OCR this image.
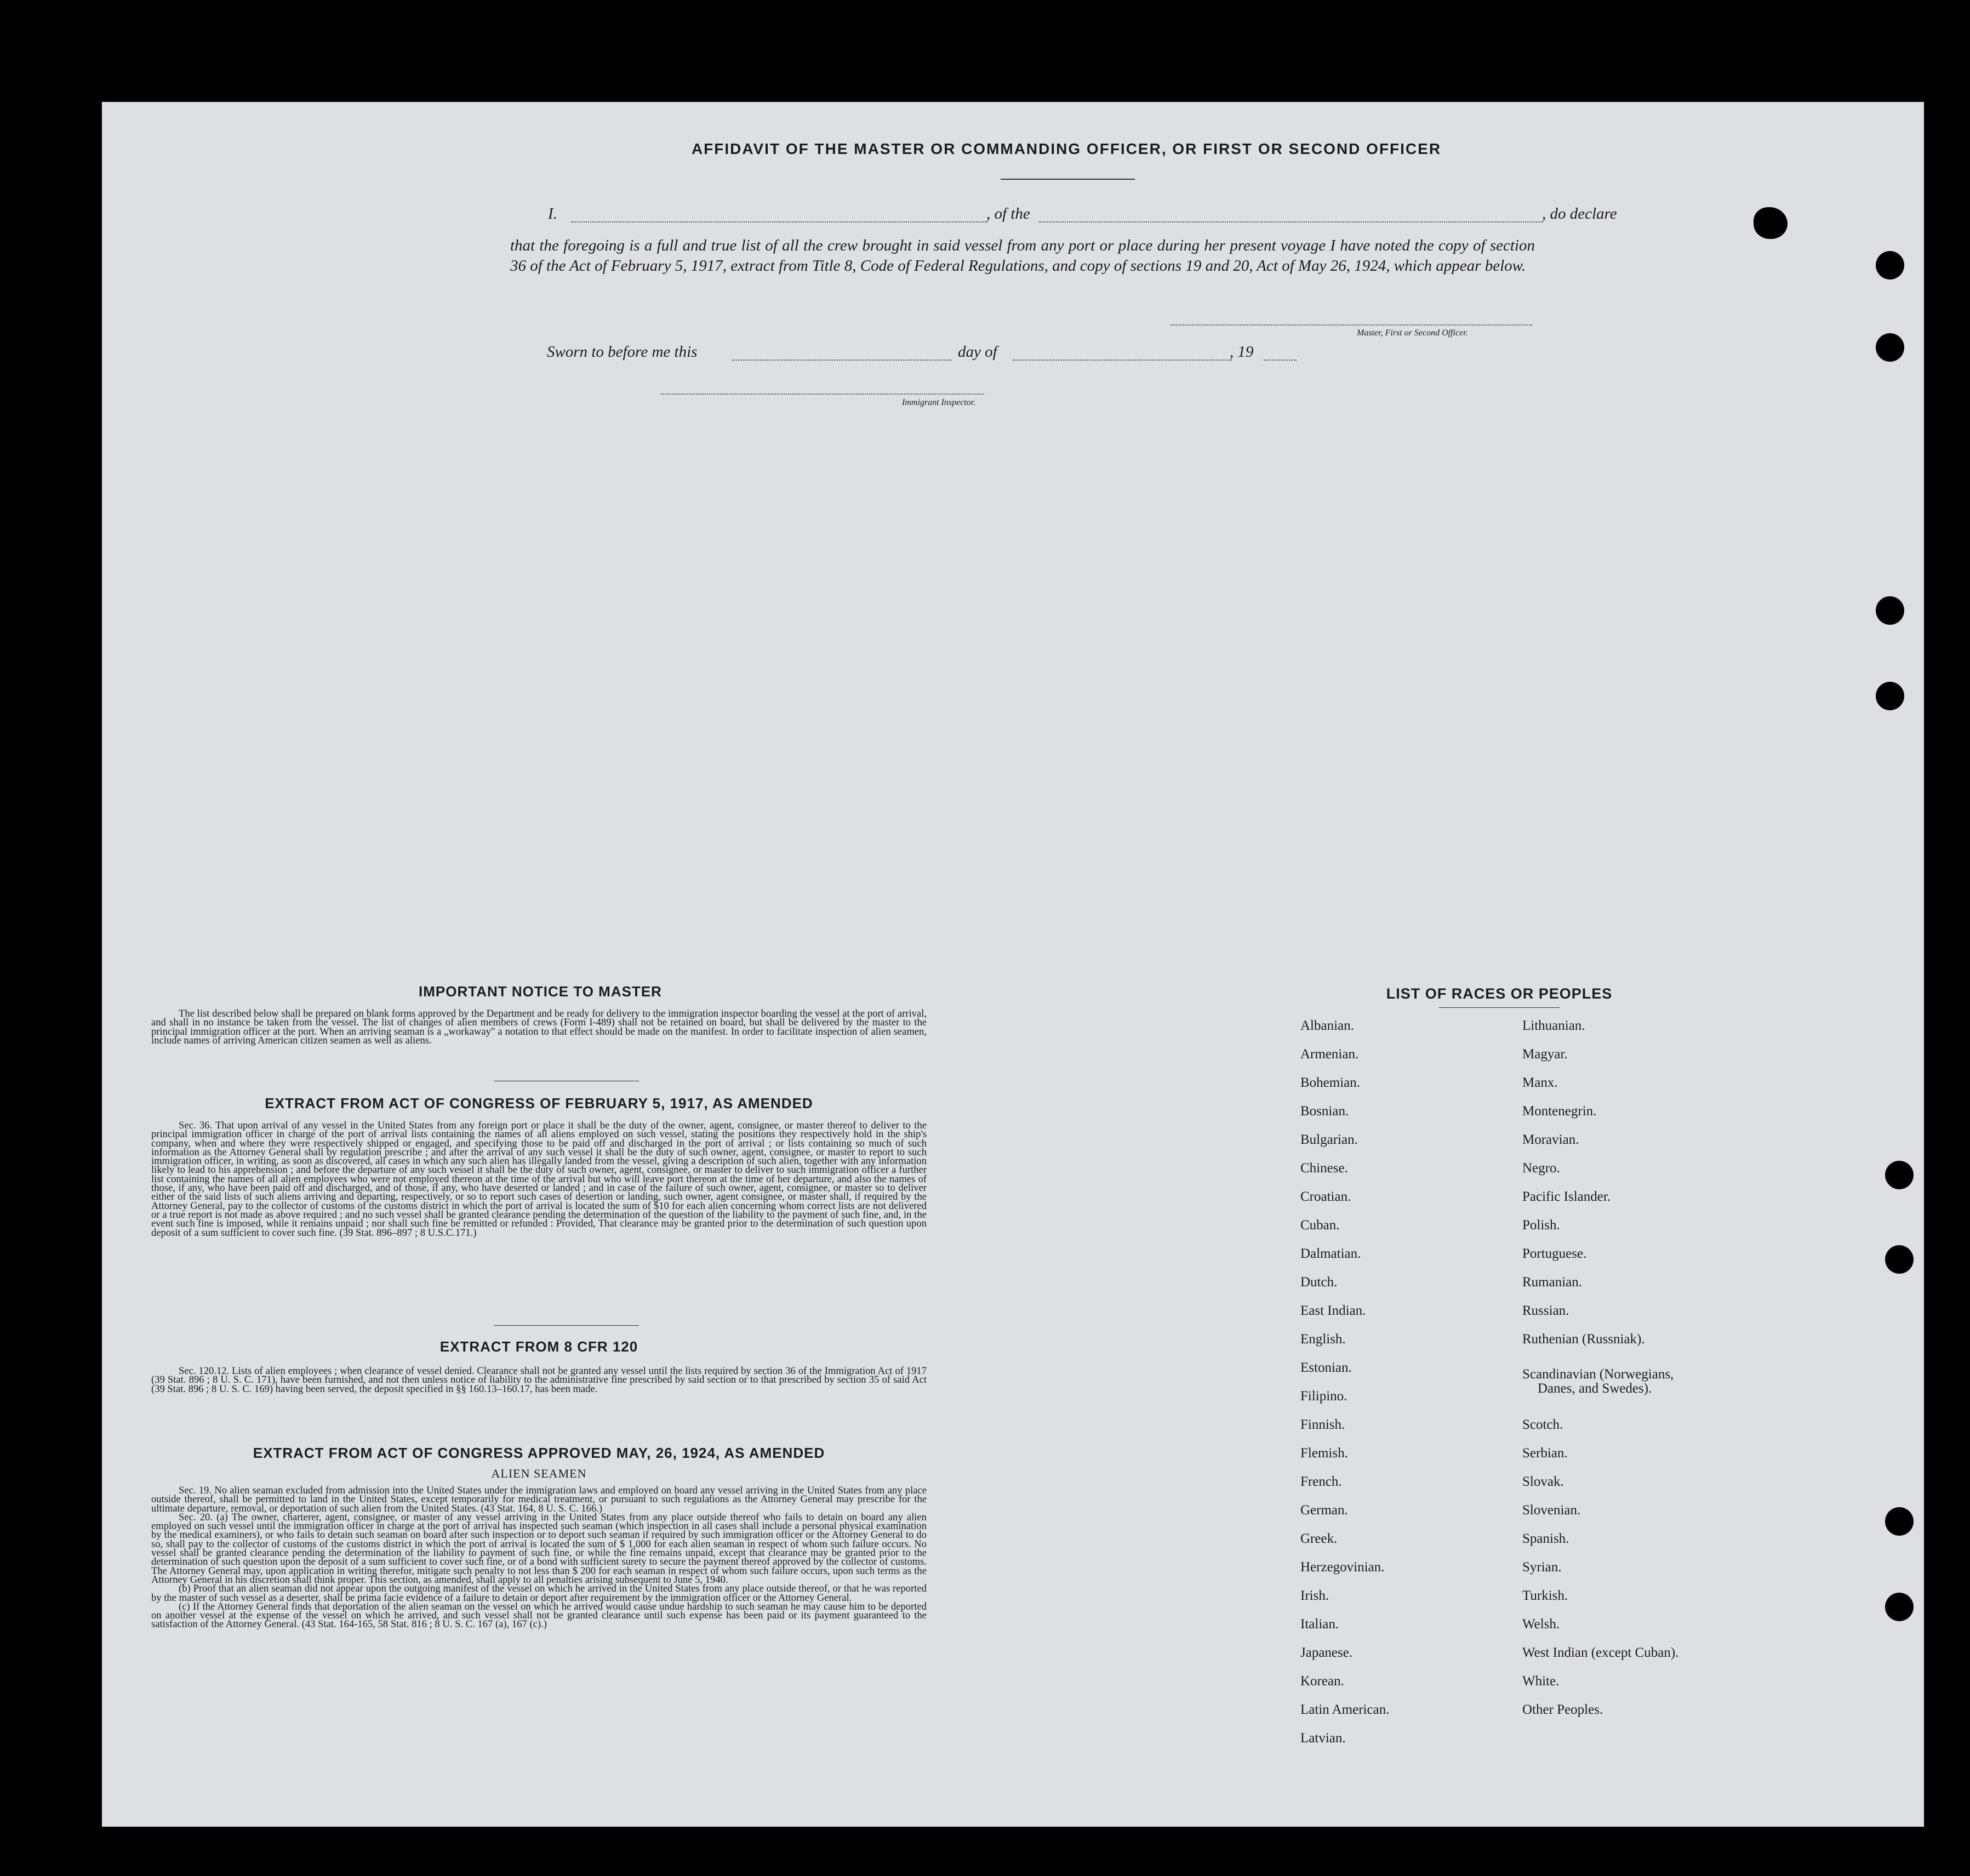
AFFIDAVIT OF THE MASTER OR COMMANDING OFFICER, OR FIRST OR SECOND OFFICER
I.	, of the	, do declare
that the foregoing is a full and true list of all the crew brought in said vessel from any port or place during her present voyage I have noted the copy of section 36 of the Act of February 5, 1917, extract from Title 8, Code of Federal Regulations, and copy of sections 19 and 20, Act of May 26, 1924, which appear below.
Master, First or Second Officer.
Sworn to before me this	day of	, 19
Immigrant Inspector.
IMPORTANT NOTICE TO MASTER

The list described below shall be prepared on blank forms approved by the Department and be ready for delivery to the immigration inspector boarding the vessel at the port of arrival, and shall in no instance be taken from the vessel. The list of changes of alien members of crews (Form I-489) shall not be retained on board, but shall be delivered by the master to the principal immigration officer at the port. When an arriving seaman is a „workaway" a notation to that effect should be made on the manifest. In order to facilitate inspection of alien seamen, include names of arriving American citizen seamen as well as aliens.

EXTRACT FROM ACT OF CONGRESS OF FEBRUARY 5, 1917, AS AMENDED

Sec. 36. That upon arrival of any vessel in the United States from any foreign port or place it shall be the duty of the owner, agent, consignee, or master thereof to deliver to the principal immigration officer in charge of the port of arrival lists containing the names of all aliens employed on such vessel, stating the positions they respectively hold in the ship's company, when and where they were respectively shipped or engaged, and specifying those to be paid off and discharged in the port of arrival ; or lists containing so much of such information as the Attorney General shall by regulation prescribe ; and after the arrival of any such vessel it shall be the duty of such owner, agent, consignee, or master to report to such immigration officer, in writing, as soon as discovered, all cases in which any such alien has illegally landed from the vessel, giving a description of such alien, together with any information likely to lead to his apprehension ; and before the departure of any such vessel it shall be the duty of such owner, agent, consignee, or master to deliver to such immigration officer a further list containing the names of all alien employees who were not employed thereon at the time of the arrival but who will leave port thereon at the time of her departure, and also the names of those, if any, who have been paid off and discharged, and of those, if any, who have deserted or landed ; and in case of the failure of such owner, agent, consignee, or master so to deliver either of the said lists of such aliens arriving and departing, respectively, or so to report such cases of desertion or landing, such owner, agent consignee, or master shall, if required by the Attorney General, pay to the collector of customs of the customs district in which the port of arrival is located the sum of $10 for each alien concerning whom correct lists are not delivered or a true report is not made as above required ; and no such vessel shall be granted clearance pending the determination of the question of the liability to the payment of such fine, and, in the event such fine is imposed, while it remains unpaid ; nor shall such fine be remitted or refunded : Provided, That clearance may be granted prior to the determination of such question upon deposit of a sum sufficient to cover such fine. (39 Stat. 896–897 ; 8 U.S.C.171.)

EXTRACT FROM 8 CFR 120

Sec. 120.12. Lists of alien employees ; when clearance of vessel denied. Clearance shall not be granted any vessel until the lists required by section 36 of the Immigration Act of 1917 (39 Stat. 896 ; 8 U. S. C. 171), have been furnished, and not then unless notice of liability to the administrative fine prescribed by said section or to that prescribed by section 35 of said Act (39 Stat. 896 ; 8 U. S. C. 169) having been served, the deposit specified in §§ 160.13–160.17, has been made.

EXTRACT FROM ACT OF CONGRESS APPROVED MAY, 26, 1924, AS AMENDED
ALIEN SEAMEN

Sec. 19. No alien seaman excluded from admission into the United States under the immigration laws and employed on board any vessel arriving in the United States from any place outside thereof, shall be permitted to land in the United States, except temporarily for medical treatment, or pursuant to such regulations as the Attorney General may prescribe for the ultimate departure, removal, or deportation of such alien from the United States. (43 Stat. 164, 8 U. S. C. 166.)

Sec. 20. (a) The owner, charterer, agent, consignee, or master of any vessel arriving in the United States from any place outside thereof who fails to detain on board any alien employed on such vessel until the immigration officer in charge at the port of arrival has inspected such seaman (which inspection in all cases shall include a personal physical examination by the medical examiners), or who fails to detain such seaman on board after such inspection or to deport such seaman if required by such immigration officer or the Attorney General to do so, shall pay to the collector of customs of the customs district in which the port of arrival is located the sum of $ 1,000 for each alien seaman in respect of whom such failure occurs. No vessel shall be granted clearance pending the determination of the liability to payment of such fine, or while the fine remains unpaid, except that clearance may be granted prior to the determination of such question upon the deposit of a sum sufficient to cover such fine, or of a bond with sufficient surety to secure the payment thereof approved by the collector of customs. The Attorney General may, upon application in writing therefor, mitigate such penalty to not less than $ 200 for each seaman in respect of whom such failure occurs, upon such terms as the Attorney General in his discretion shall think proper. This section, as amended, shall apply to all penalties arising subsequent to June 5, 1940.

(b) Proof that an alien seaman did not appear upon the outgoing manifest of the vessel on which he arrived in the United States from any place outside thereof, or that he was reported by the master of such vessel as a deserter, shall be prima facie evidence of a failure to detain or deport after requirement by the immigration officer or the Attorney General.

(c) If the Attorney General finds that deportation of the alien seaman on the vessel on which he arrived would cause undue hardship to such seaman he may cause him to be deported on another vessel at the expense of the vessel on which he arrived, and such vessel shall not be granted clearance until such expense has been paid or its payment guaranteed to the satisfaction of the Attorney General. (43 Stat. 164-165, 58 Stat. 816 ; 8 U. S. C. 167 (a), 167 (c).)

LIST OF RACES OR PEOPLES
Albanian.
Armenian.
Bohemian.
Bosnian.
Bulgarian.
Chinese.
Croatian.
Cuban.
Dalmatian.
Dutch.
East Indian.
English.
Estonian.
Filipino.
Finnish.
Flemish.
French.
German.
Greek.
Herzegovinian.
Irish.
Italian.
Japanese.
Korean.
Latin American.
Latvian.
Lithuanian.
Magyar.
Manx.
Montenegrin.
Moravian.
Negro.
Pacific Islander.
Polish.
Portuguese.
Rumanian.
Russian.
Ruthenian (Russniak).
Scandinavian (Norwegians,
Danes, and Swedes).
Scotch.
Serbian.
Slovak.
Slovenian.
Spanish.
Syrian.
Turkish.
Welsh.
West Indian (except Cuban).
White.
Other Peoples.
